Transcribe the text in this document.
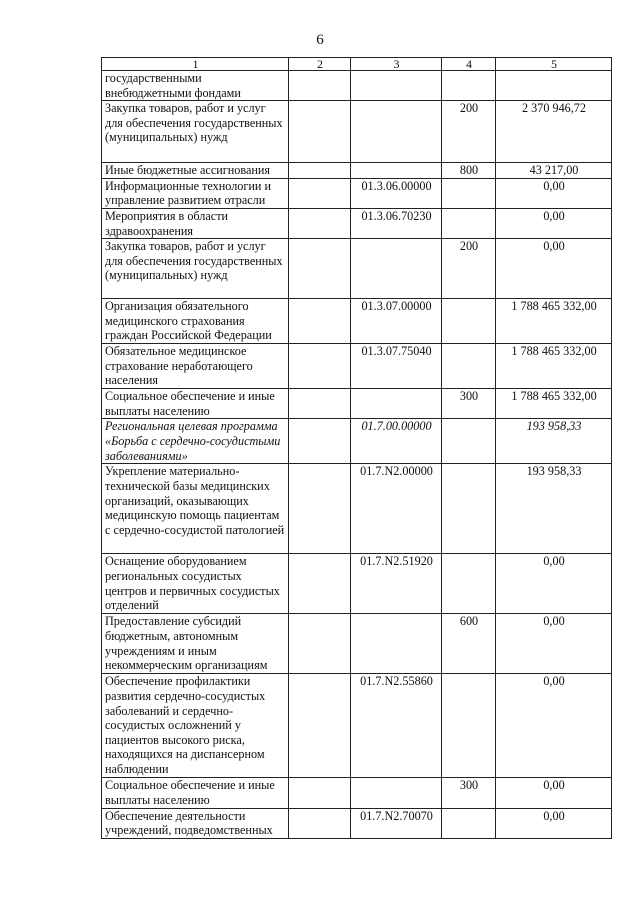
6
1	2	3	4	5
государственными внебюджетными фондами				
Закупка товаров, работ и услуг для обеспечения государственных (муниципальных) нужд			200	2 370 946,72
Иные бюджетные ассигнования			800	43 217,00
Информационные технологии и управление развитием отрасли		01.3.06.00000		0,00
Мероприятия в области здравоохранения		01.3.06.70230		0,00
Закупка товаров, работ и услуг для обеспечения государственных (муниципальных) нужд			200	0,00
Организация обязательного медицинского страхования граждан Российской Федерации		01.3.07.00000		1 788 465 332,00
Обязательное медицинское страхование неработающего населения		01.3.07.75040		1 788 465 332,00
Социальное обеспечение и иные выплаты населению			300	1 788 465 332,00
Региональная целевая программа «Борьба с сердечно-сосудистыми заболеваниями»		01.7.00.00000		193 958,33
Укрепление материально-технической базы медицинских организаций, оказывающих медицинскую помощь пациентам с сердечно-сосудистой патологией		01.7.N2.00000		193 958,33
Оснащение оборудованием региональных сосудистых центров и первичных сосудистых отделений		01.7.N2.51920		0,00
Предоставление субсидий бюджетным, автономным учреждениям и иным некоммерческим организациям			600	0,00
Обеспечение профилактики развития сердечно-сосудистых заболеваний и сердечно-сосудистых осложнений у пациентов высокого риска, находящихся на диспансерном наблюдении		01.7.N2.55860		0,00
Социальное обеспечение и иные выплаты населению			300	0,00
Обеспечение деятельности учреждений, подведомственных		01.7.N2.70070		0,00
